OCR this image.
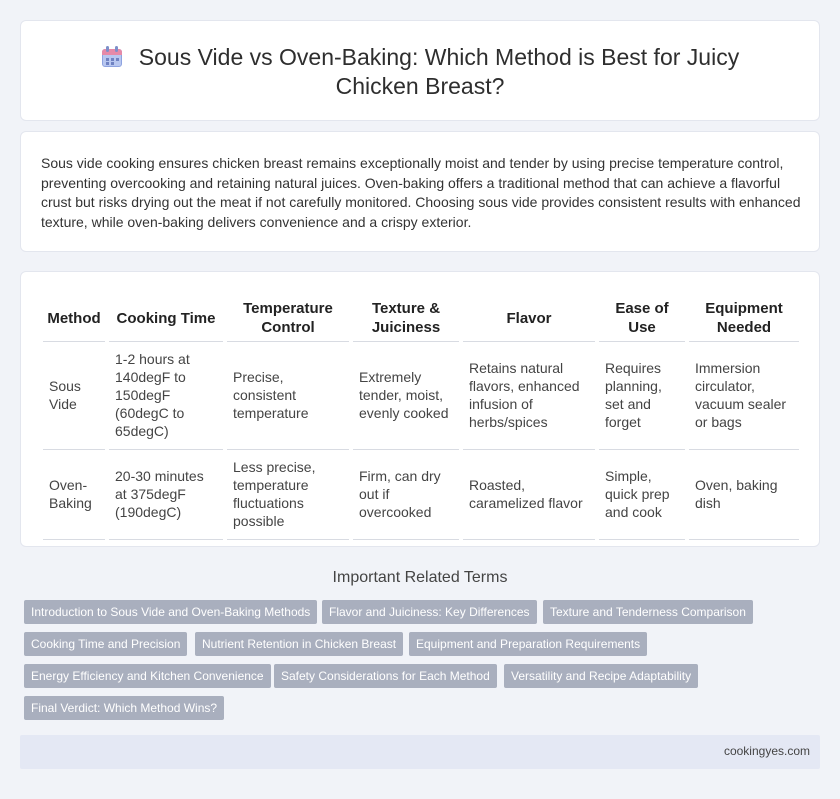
Sous Vide vs Oven-Baking: Which Method is Best for Juicy Chicken Breast?

Sous vide cooking ensures chicken breast remains exceptionally moist and tender by using precise temperature control, preventing overcooking and retaining natural juices. Oven-baking offers a traditional method that can achieve a flavorful crust but risks drying out the meat if not carefully monitored. Choosing sous vide provides consistent results with enhanced texture, while oven-baking delivers convenience and a crispy exterior.

Method	Cooking Time	Temperature Control	Texture & Juiciness	Flavor	Ease of Use	Equipment Needed
Sous Vide	1-2 hours at 140degF to 150degF (60degC to 65degC)	Precise, consistent temperature	Extremely tender, moist, evenly cooked	Retains natural flavors, enhanced infusion of herbs/spices	Requires planning, set and forget	Immersion circulator, vacuum sealer or bags
Oven-Baking	20-30 minutes at 375degF (190degC)	Less precise, temperature fluctuations possible	Firm, can dry out if overcooked	Roasted, caramelized flavor	Simple, quick prep and cook	Oven, baking dish
Important Related Terms
Introduction to Sous Vide and Oven-Baking Methods	Flavor and Juiciness: Key Differences	Texture and Tenderness Comparison
Cooking Time and Precision	Nutrient Retention in Chicken Breast	Equipment and Preparation Requirements
Energy Efficiency and Kitchen Convenience	Safety Considerations for Each Method	Versatility and Recipe Adaptability
Final Verdict: Which Method Wins?
cookingyes.com
